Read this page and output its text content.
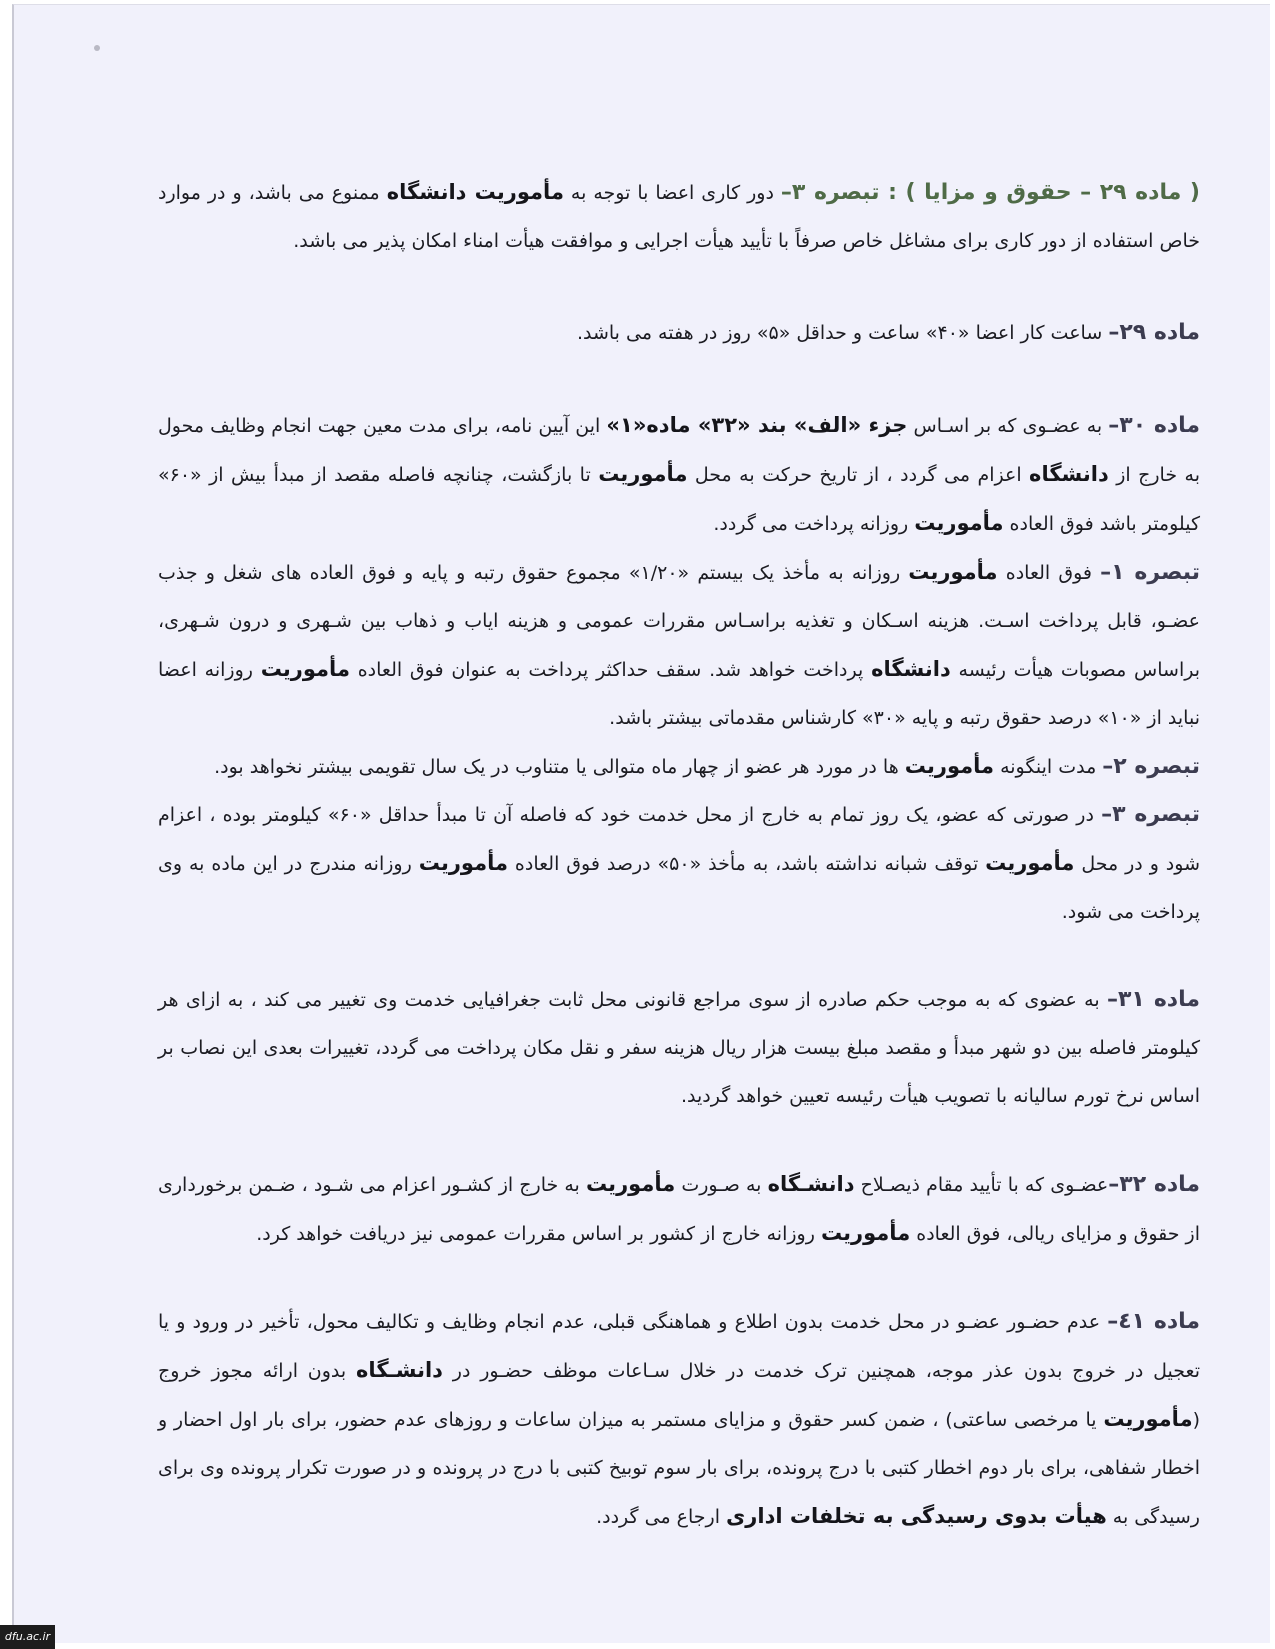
( ماده ۲۹ – حقوق و مزایا ) : تبصره ۳– دور کاری اعضا با توجه به مأموریت دانشگاه ممنوع می باشد، و در موارد خاص استفاده از دور کاری برای مشاغل خاص صرفاً با تأیید هیأت اجرایی و موافقت هیأت امناء امکان پذیر می باشد.

ماده ۲۹– ساعت کار اعضا «۴۰» ساعت و حداقل «۵» روز در هفته می باشد.

ماده ۳۰– به عضـوی که بر اسـاس جزء «الف» بند «۳۲» ماده«۱» این آیین نامه، برای مدت معین جهت انجام وظایف محول به خارج از دانشگاه اعزام می گردد ، از تاریخ حرکت به محل مأموریت تا بازگشت، چنانچه فاصله مقصد از مبدأ بیش از «۶۰» کیلومتر باشد فوق العاده مأموریت روزانه پرداخت می گردد.

تبصره ۱– فوق العاده مأموریت روزانه به مأخذ یک بیستم «۱/۲۰» مجموع حقوق رتبه و پایه و فوق العاده های شغل و جذب عضـو، قابل پرداخت اسـت. هزینه اسـکان و تغذیه براسـاس مقررات عمومی و هزینه ایاب و ذهاب بین شـهری و درون شـهری، براساس مصوبات هیأت رئیسه دانشگاه پرداخت خواهد شد. سقف حداکثر پرداخت به عنوان فوق العاده مأموریت روزانه اعضا نباید از «۱۰» درصد حقوق رتبه و پایه «۳۰» کارشناس مقدماتی بیشتر باشد.

تبصره ۲– مدت اینگونه مأموریت ها در مورد هر عضو از چهار ماه متوالی یا متناوب در یک سال تقویمی بیشتر نخواهد بود.

تبصره ۳– در صورتی که عضو، یک روز تمام به خارج از محل خدمت خود که فاصله آن تا مبدأ حداقل «۶۰» کیلومتر بوده ، اعزام شود و در محل مأموریت توقف شبانه نداشته باشد، به مأخذ «۵۰» درصد فوق العاده مأموریت روزانه مندرج در این ماده به وی پرداخت می شود.

ماده ۳۱– به عضوی که به موجب حکم صادره از سوی مراجع قانونی محل ثابت جغرافیایی خدمت وی تغییر می کند ، به ازای هر کیلومتر فاصله بین دو شهر مبدأ و مقصد مبلغ بیست هزار ریال هزینه سفر و نقل مکان پرداخت می گردد، تغییرات بعدی این نصاب بر اساس نرخ تورم سالیانه با تصویب هیأت رئیسه تعیین خواهد گردید.

ماده ۳۲–عضـوی که با تأیید مقام ذیصـلاح دانشـگاه به صـورت مأموریت به خارج از کشـور اعزام می شـود ، ضـمن برخورداری از حقوق و مزایای ریالی، فوق العاده مأموریت روزانه خارج از کشور بر اساس مقررات عمومی نیز دریافت خواهد کرد.

ماده ٤١– عدم حضـور عضـو در محل خدمت بدون اطلاع و هماهنگی قبلی، عدم انجام وظایف و تکالیف محول، تأخیر در ورود و یا تعجیل در خروج بدون عذر موجه، همچنین ترک خدمت در خلال سـاعات موظف حضـور در دانشـگاه بدون ارائه مجوز خروج (مأموریت یا مرخصی ساعتی) ، ضمن کسر حقوق و مزایای مستمر به میزان ساعات و روزهای عدم حضور، برای بار اول احضار و اخطار شفاهی، برای بار دوم اخطار کتبی با درج پرونده، برای بار سوم توبیخ کتبی با درج در پرونده و در صورت تکرار پرونده وی برای رسیدگی به هیأت بدوی رسیدگی به تخلفات اداری ارجاع می گردد.

dfu.ac.ir
